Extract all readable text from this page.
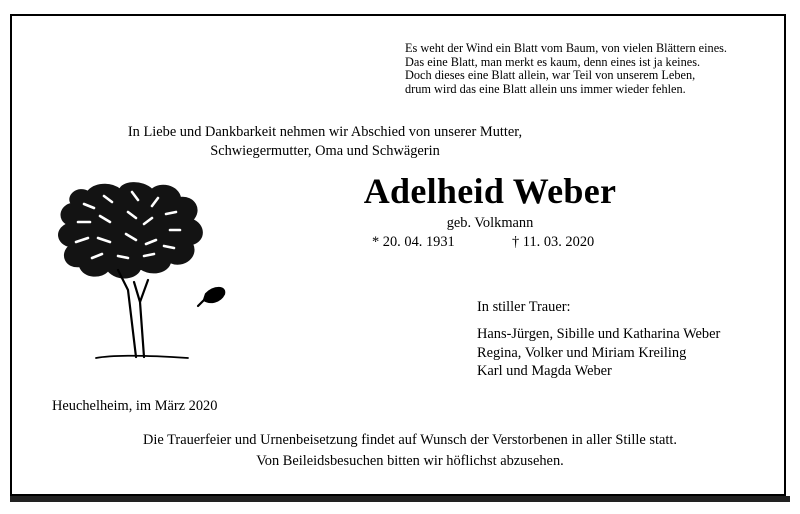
Es weht der Wind ein Blatt vom Baum, von vielen Blättern eines.
Das eine Blatt, man merkt es kaum, denn eines ist ja keines.
Doch dieses eine Blatt allein, war Teil von unserem Leben,
drum wird das eine Blatt allein uns immer wieder fehlen.
In Liebe und Dankbarkeit nehmen wir Abschied von unserer Mutter,
Schwiegermutter, Oma und Schwägerin
Adelheid Weber
geb. Volkmann
* 20. 04. 1931	† 11. 03. 2020
In stiller Trauer:
Hans-Jürgen, Sibille und Katharina Weber
Regina, Volker und Miriam Kreiling
Karl und Magda Weber
Heuchelheim, im März 2020
Die Trauerfeier und Urnenbeisetzung findet auf Wunsch der Verstorbenen in aller Stille statt.
Von Beileidsbesuchen bitten wir höflichst abzusehen.
